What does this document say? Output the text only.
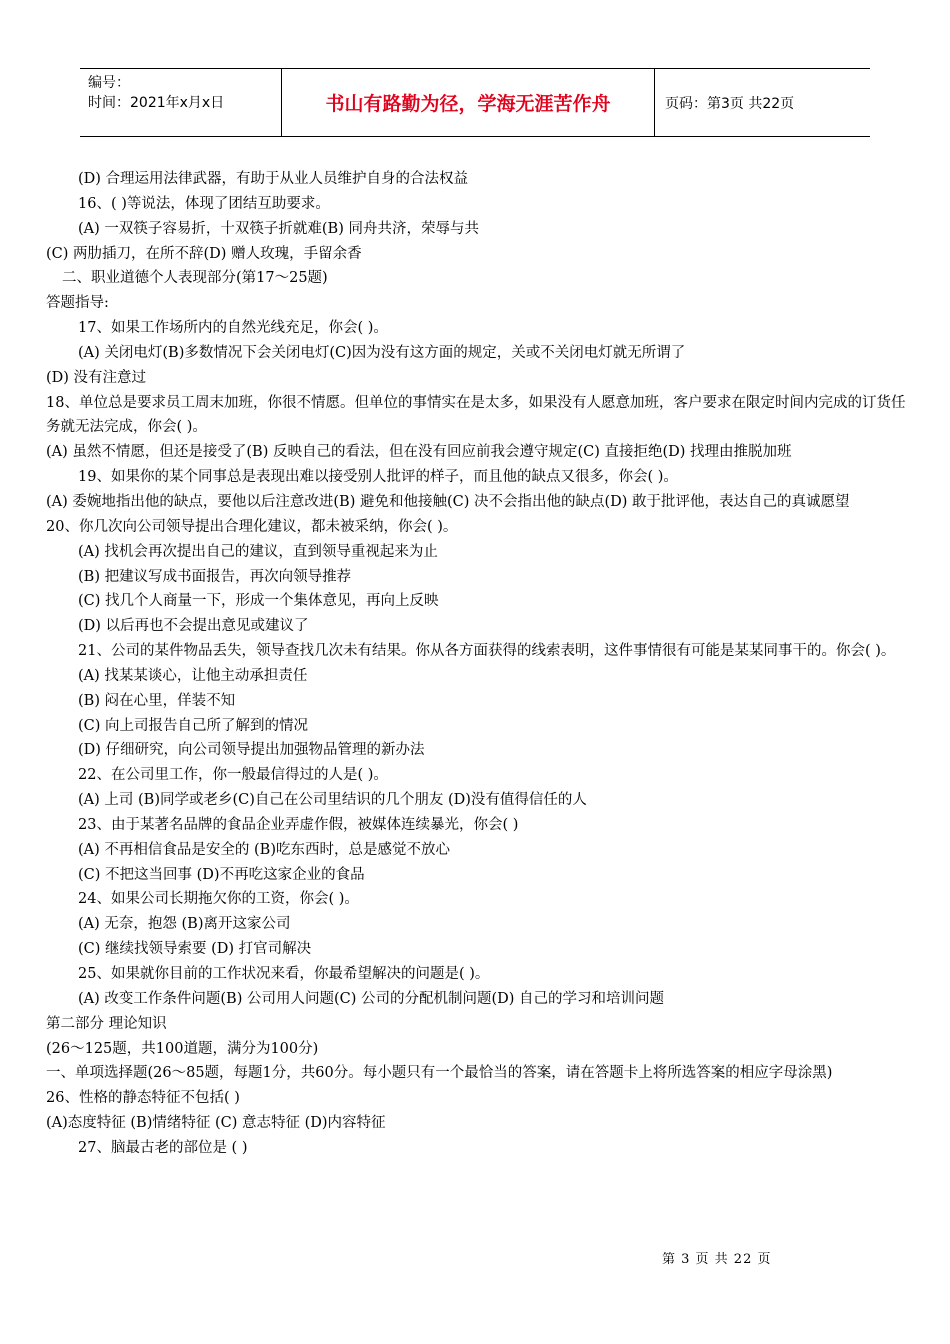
编号：
时间：2021年x月x日	书山有路勤为径，学海无涯苦作舟	页码：第3页 共22页
(D) 合理运用法律武器，有助于从业人员维护自身的合法权益
16、( )等说法，体现了团结互助要求。
(A) 一双筷子容易折，十双筷子折就难(B) 同舟共济，荣辱与共
(C) 两肋插刀，在所不辞(D) 赠人玫瑰，手留余香
二、职业道德个人表现部分(第17～25题)
答题指导:
17、如果工作场所内的自然光线充足，你会( )。
(A) 关闭电灯(B)多数情况下会关闭电灯(C)因为没有这方面的规定，关或不关闭电灯就无所谓了
(D) 没有注意过
18、单位总是要求员工周末加班，你很不情愿。但单位的事情实在是太多，如果没有人愿意加班，客户要求在限定时间内完成的订货任务就无法完成，你会( )。
(A) 虽然不情愿，但还是接受了(B) 反映自己的看法，但在没有回应前我会遵守规定(C) 直接拒绝(D) 找理由推脱加班
19、如果你的某个同事总是表现出难以接受别人批评的样子，而且他的缺点又很多，你会( )。
(A) 委婉地指出他的缺点，要他以后注意改进(B) 避免和他接触(C) 决不会指出他的缺点(D) 敢于批评他，表达自己的真诚愿望
20、你几次向公司领导提出合理化建议，都未被采纳，你会( )。
(A) 找机会再次提出自己的建议，直到领导重视起来为止
(B) 把建议写成书面报告，再次向领导推荐
(C) 找几个人商量一下，形成一个集体意见，再向上反映
(D) 以后再也不会提出意见或建议了
21、公司的某件物品丢失，领导查找几次未有结果。你从各方面获得的线索表明，这件事情很有可能是某某同事干的。你会( )。
(A) 找某某谈心，让他主动承担责任
(B) 闷在心里，佯装不知
(C) 向上司报告自己所了解到的情况
(D) 仔细研究，向公司领导提出加强物品管理的新办法
22、在公司里工作，你一般最信得过的人是( )。
(A) 上司 (B)同学或老乡(C)自己在公司里结识的几个朋友 (D)没有值得信任的人
23、由于某著名品牌的食品企业弄虚作假，被媒体连续暴光，你会( )
(A) 不再相信食品是安全的 (B)吃东西时，总是感觉不放心
(C) 不把这当回事 (D)不再吃这家企业的食品
24、如果公司长期拖欠你的工资，你会( )。
(A) 无奈，抱怨 (B)离开这家公司
(C) 继续找领导索要 (D) 打官司解决
25、如果就你目前的工作状况来看，你最希望解决的问题是( )。
(A) 改变工作条件问题(B) 公司用人问题(C) 公司的分配机制问题(D) 自己的学习和培训问题
第二部分 理论知识
(26～125题，共100道题，满分为100分)
一、单项选择题(26～85题，每题1分，共60分。每小题只有一个最恰当的答案，请在答题卡上将所选答案的相应字母涂黑)
26、性格的静态特征不包括( )
(A)态度特征 (B)情绪特征 (C) 意志特征 (D)内容特征
27、脑最古老的部位是 ( )
第 3 页 共 22 页
